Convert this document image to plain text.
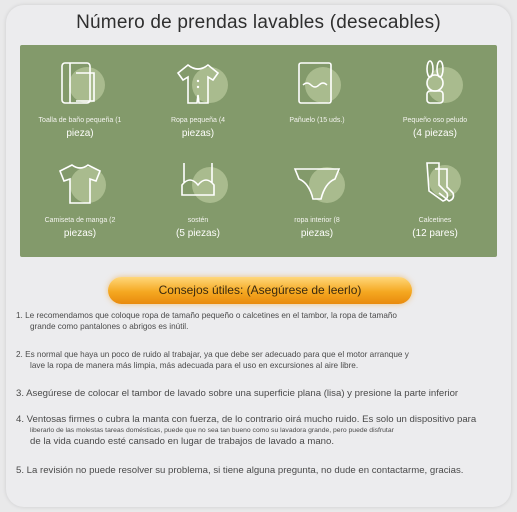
Número de prendas lavables (desecables)
Toalla de baño pequeña (1
pieza)
Ropa pequeña (4
piezas)
Pañuelo (15 uds.)	Pequeño oso peludo
(4 piezas)
Camiseta de manga (2
piezas)
sostén
(5 piezas)
ropa interior (8
piezas)
Calcetines
(12 pares)
Consejos útiles: (Asegúrese de leerlo)
1. Le recomendamos que coloque ropa de tamaño pequeño o calcetines en el tambor, la ropa de tamaño
grande como pantalones o abrigos es inútil.
2. Es normal que haya un poco de ruido al trabajar, ya que debe ser adecuado para que el motor arranque y
lave la ropa de manera más limpia, más adecuada para el uso en excursiones al aire libre.
3. Asegúrese de colocar el tambor de lavado sobre una superficie plana (lisa) y presione la parte inferior
4. Ventosas firmes o cubra la manta con fuerza, de lo contrario oirá mucho ruido. Es solo un dispositivo para
liberarlo de las molestas tareas domésticas, puede que no sea tan bueno como su lavadora grande, pero puede disfrutar
de la vida cuando esté cansado en lugar de trabajos de lavado a mano.
5. La revisión no puede resolver su problema, si tiene alguna pregunta, no dude en contactarme, gracias.
